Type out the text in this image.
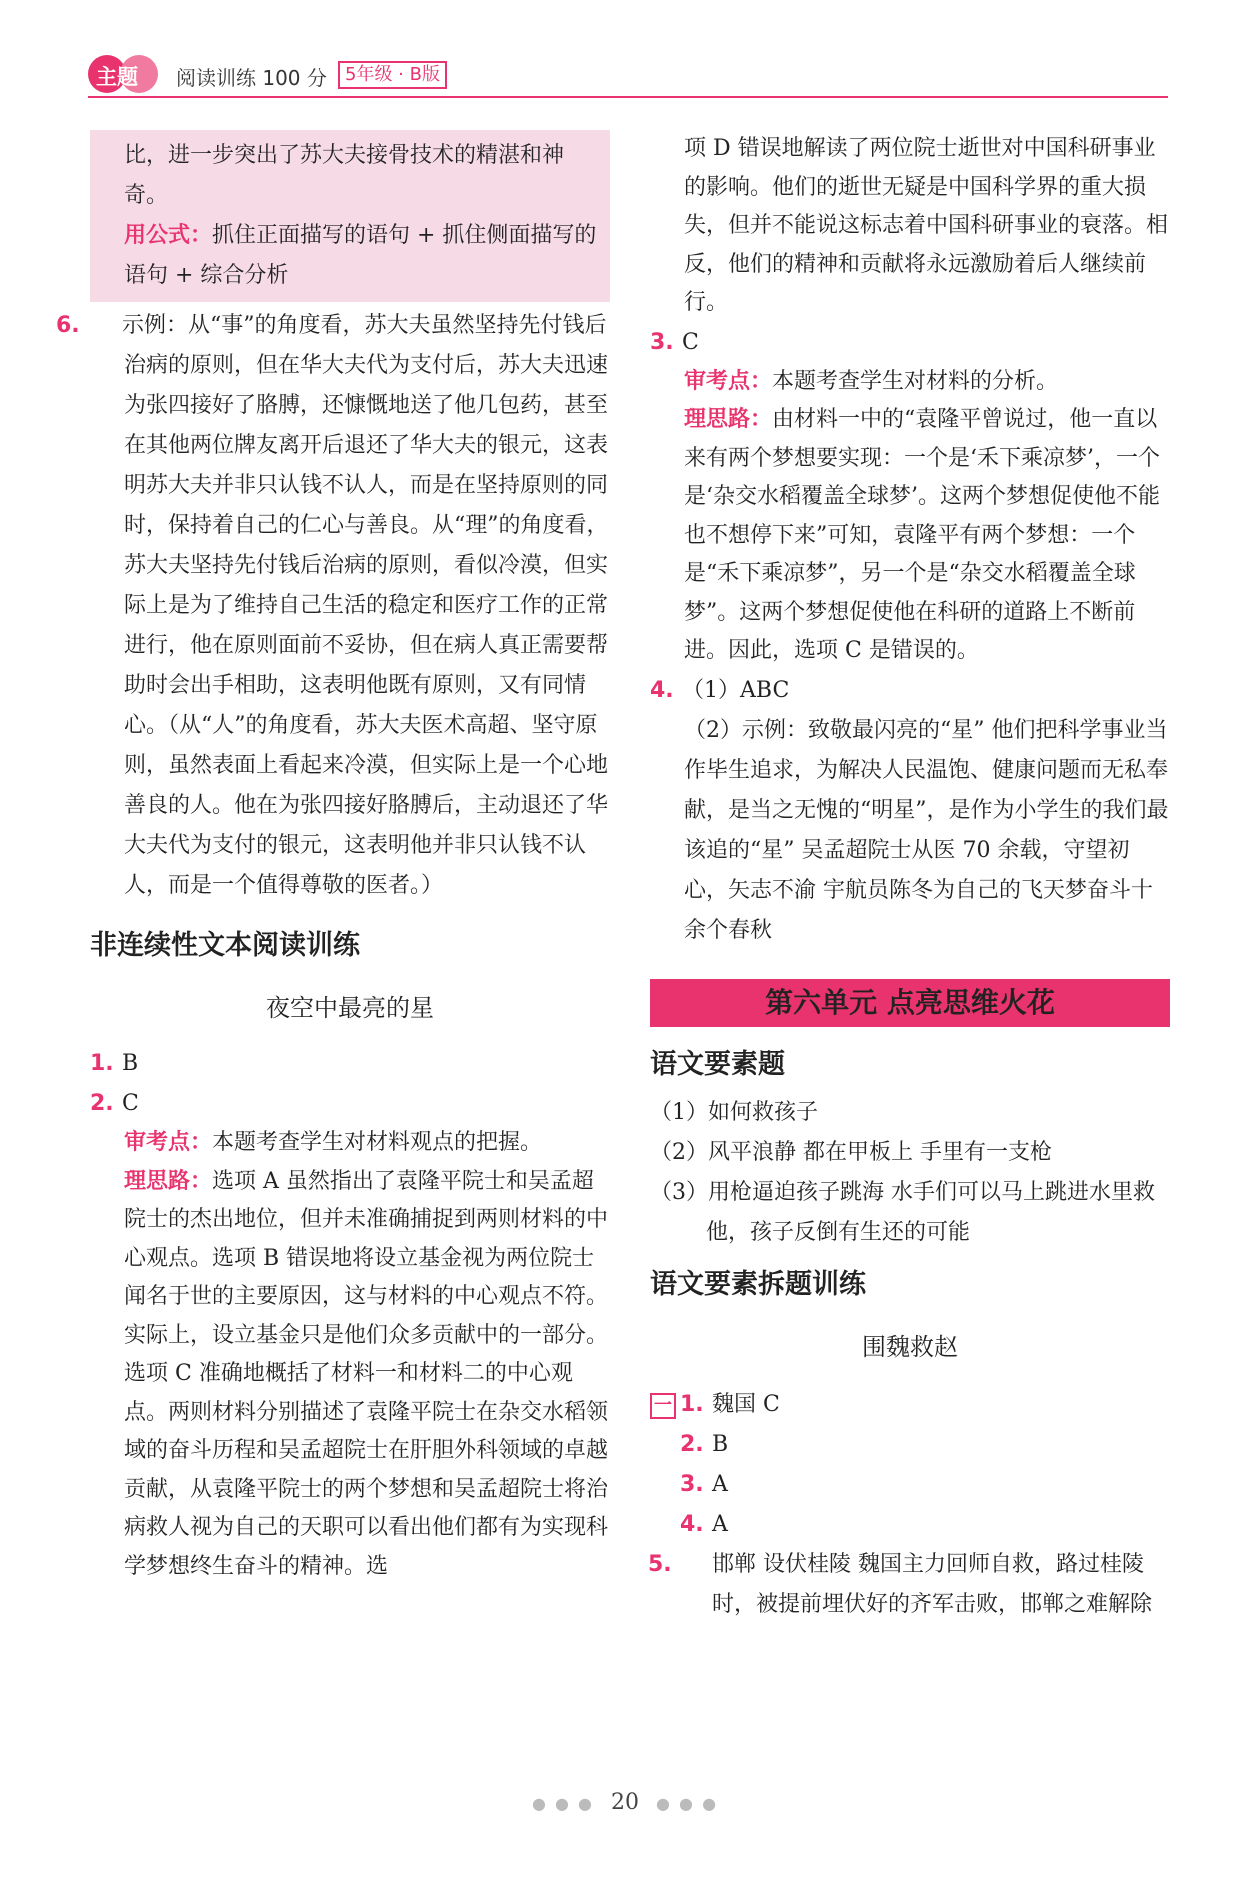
主题 阅读训练 100 分	5年级 · B版

比，进一步突出了苏大夫接骨技术的精湛和神奇。

用公式：抓住正面描写的语句 + 抓住侧面描写的语句 + 综合分析

6. 示例：从“事”的角度看，苏大夫虽然坚持先付钱后治病的原则，但在华大夫代为支付后，苏大夫迅速为张四接好了胳膊，还慷慨地送了他几包药，甚至在其他两位牌友离开后退还了华大夫的银元，这表明苏大夫并非只认钱不认人，而是在坚持原则的同时，保持着自己的仁心与善良。从“理”的角度看，苏大夫坚持先付钱后治病的原则，看似冷漠，但实际上是为了维持自己生活的稳定和医疗工作的正常进行，他在原则面前不妥协，但在病人真正需要帮助时会出手相助，这表明他既有原则，又有同情心。（从“人”的角度看，苏大夫医术高超、坚守原则，虽然表面上看起来冷漠，但实际上是一个心地善良的人。他在为张四接好胳膊后，主动退还了华大夫代为支付的银元，这表明他并非只认钱不认人，而是一个值得尊敬的医者。）

非连续性文本阅读训练

夜空中最亮的星

1. B

2. C

审考点：本题考查学生对材料观点的把握。

理思路：选项 A 虽然指出了袁隆平院士和吴孟超院士的杰出地位，但并未准确捕捉到两则材料的中心观点。选项 B 错误地将设立基金视为两位院士闻名于世的主要原因，这与材料的中心观点不符。实际上，设立基金只是他们众多贡献中的一部分。选项 C 准确地概括了材料一和材料二的中心观点。两则材料分别描述了袁隆平院士在杂交水稻领域的奋斗历程和吴孟超院士在肝胆外科领域的卓越贡献，从袁隆平院士的两个梦想和吴孟超院士将治病救人视为自己的天职可以看出他们都有为实现科学梦想终生奋斗的精神。选

项 D 错误地解读了两位院士逝世对中国科研事业的影响。他们的逝世无疑是中国科学界的重大损失，但并不能说这标志着中国科研事业的衰落。相反，他们的精神和贡献将永远激励着后人继续前行。

3. C

审考点：本题考查学生对材料的分析。

理思路：由材料一中的“袁隆平曾说过，他一直以来有两个梦想要实现：一个是‘禾下乘凉梦’，一个是‘杂交水稻覆盖全球梦’。这两个梦想促使他不能也不想停下来”可知，袁隆平有两个梦想：一个是“禾下乘凉梦”，另一个是“杂交水稻覆盖全球梦”。这两个梦想促使他在科研的道路上不断前进。因此，选项 C 是错误的。

4. （1）ABC

（2）示例：致敬最闪亮的“星” 他们把科学事业当作毕生追求，为解决人民温饱、健康问题而无私奉献，是当之无愧的“明星”，是作为小学生的我们最该追的“星” 吴孟超院士从医 70 余载，守望初心，矢志不渝 宇航员陈冬为自己的飞天梦奋斗十余个春秋

第六单元 点亮思维火花

语文要素题

（1）如何救孩子

（2）风平浪静 都在甲板上 手里有一支枪

（3）用枪逼迫孩子跳海 水手们可以马上跳进水里救他，孩子反倒有生还的可能

语文要素拆题训练

围魏救赵

一 1. 魏国 C

2. B

3. A

4. A

5. 邯郸 设伏桂陵 魏国主力回师自救，路过桂陵时，被提前埋伏好的齐军击败，邯郸之难解除

● ● ● 20 ● ● ●
